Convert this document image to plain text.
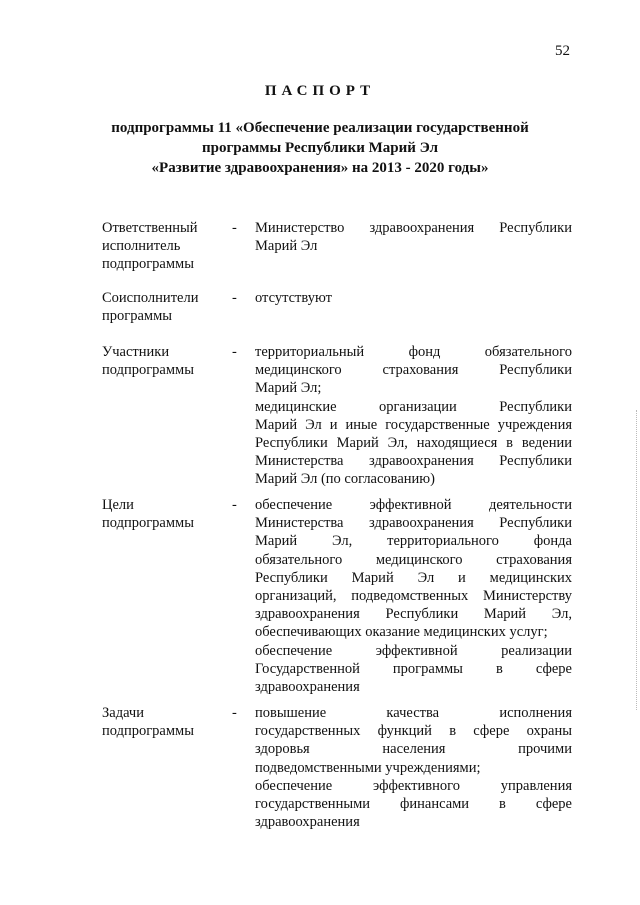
52
ПАСПОРТ
подпрограммы 11 «Обеспечение реализации государственной
программы Республики Марий Эл
«Развитие здравоохранения» на 2013 - 2020 годы»
Ответственный
исполнитель
подпрограммы
- Министерство здравоохранения Республики
Марий Эл
Соисполнители
программы
- отсутствуют
Участники
подпрограммы
- территориальный фонд обязательного
медицинского страхования Республики
Марий Эл;
медицинские организации Республики
Марий Эл и иные государственные учреждения
Республики Марий Эл, находящиеся в ведении
Министерства здравоохранения Республики
Марий Эл (по согласованию)
Цели
подпрограммы
- обеспечение эффективной деятельности
Министерства здравоохранения Республики
Марий Эл, территориального фонда
обязательного медицинского страхования
Республики Марий Эл и медицинских
организаций, подведомственных Министерству
здравоохранения Республики Марий Эл,
обеспечивающих оказание медицинских услуг;
обеспечение эффективной реализации
Государственной программы в сфере
здравоохранения
Задачи
подпрограммы
- повышение качества исполнения
государственных функций в сфере охраны
здоровья населения прочими
подведомственными учреждениями;
обеспечение эффективного управления
государственными финансами в сфере
здравоохранения
